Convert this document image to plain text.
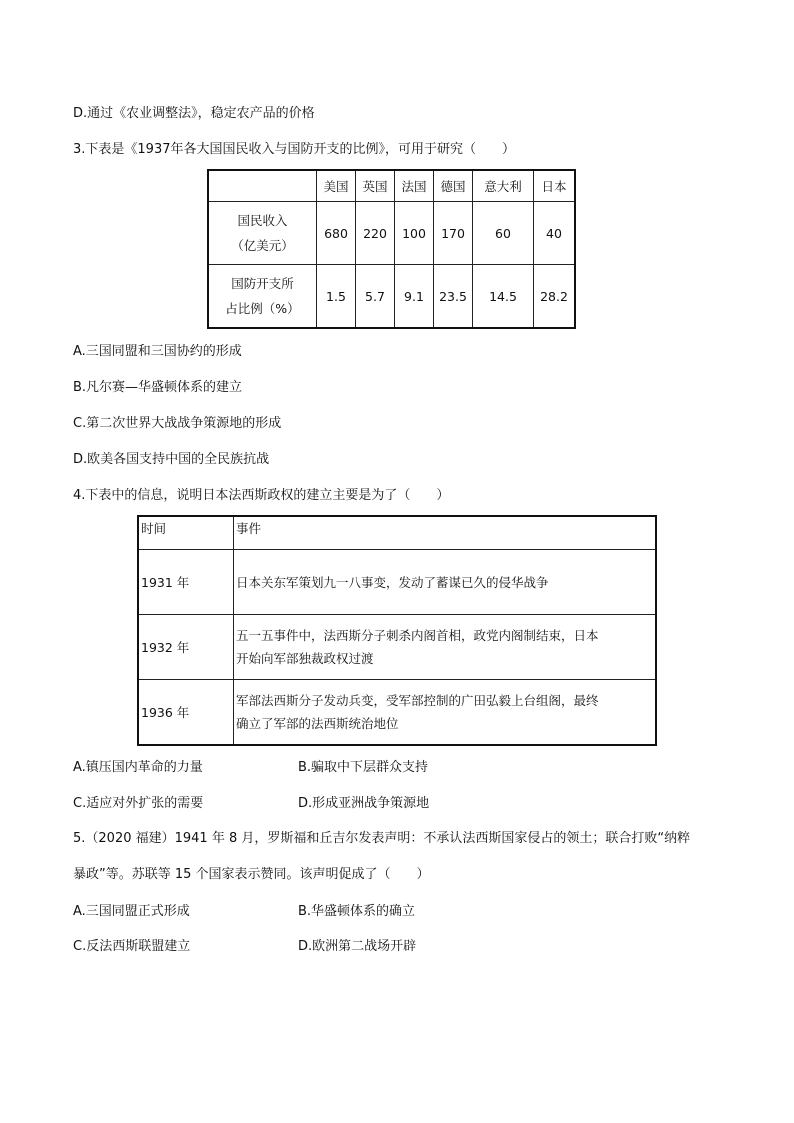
D.通过《农业调整法》，稳定农产品的价格
3.下表是《1937年各大国国民收入与国防开支的比例》，可用于研究（　　）
	美国	英国	法国	德国	意大利	日本

国民收入
（亿美元）	680	220	100	170	60	40

国防开支所
占比例（%）	1.5	5.7	9.1	23.5	14.5	28.2
A.三国同盟和三国协约的形成
B.凡尔赛—华盛顿体系的建立
C.第二次世界大战战争策源地的形成
D.欧美各国支持中国的全民族抗战
4.下表中的信息，说明日本法西斯政权的建立主要是为了（　　）
时间	事件
1931 年	日本关东军策划九一八事变，发动了蓄谋已久的侵华战争

1932 年	五一五事件中，法西斯分子刺杀内阁首相，政党内阁制结束，日本
开始向军部独裁政权过渡

1936 年	军部法西斯分子发动兵变，受军部控制的广田弘毅上台组阁，最终
确立了军部的法西斯统治地位
A.镇压国内革命的力量	B.骗取中下层群众支持
C.适应对外扩张的需要	D.形成亚洲战争策源地
5.（2020 福建）1941 年 8 月，罗斯福和丘吉尔发表声明：不承认法西斯国家侵占的领土；联合打败“纳粹
暴政”等。苏联等 15 个国家表示赞同。该声明促成了（　　）
A.三国同盟正式形成	B.华盛顿体系的确立
C.反法西斯联盟建立	D.欧洲第二战场开辟
